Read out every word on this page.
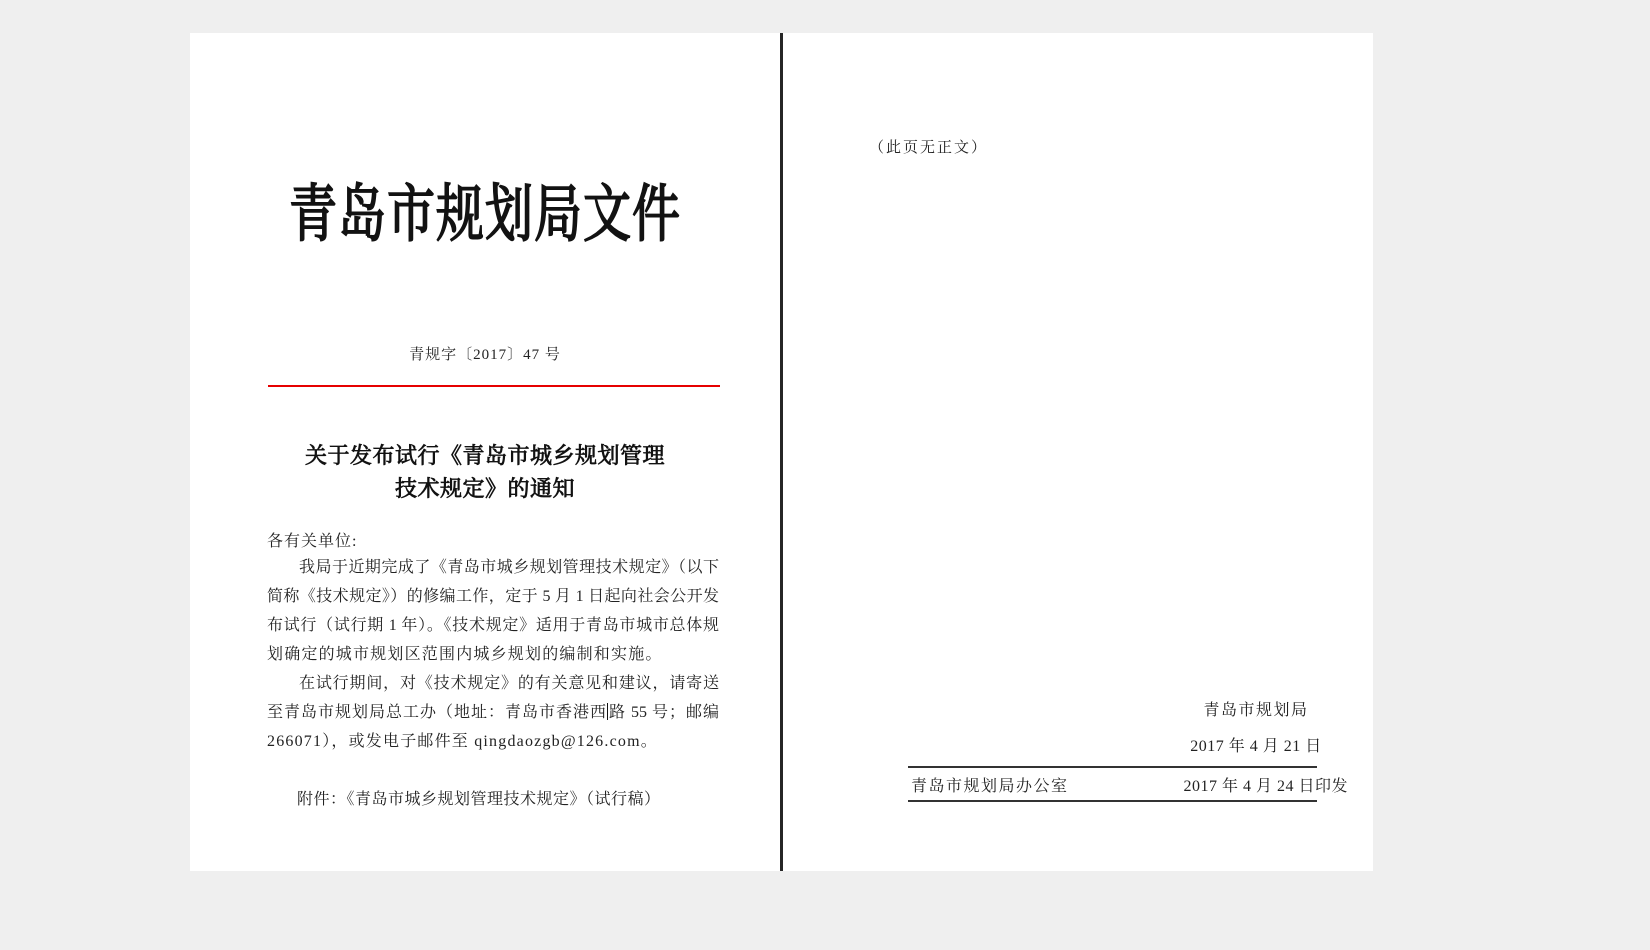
青岛市规划局文件
青规字〔2017〕47 号
关于发布试行《青岛市城乡规划管理
技术规定》的通知
各有关单位:
我局于近期完成了《青岛市城乡规划管理技术规定》（以下
简称《技术规定》）的修编工作，定于 5 月 1 日起向社会公开发
布试行（试行期 1 年）。《技术规定》适用于青岛市城市总体规
划确定的城市规划区范围内城乡规划的编制和实施。
在试行期间，对《技术规定》的有关意见和建议，请寄送
至青岛市规划局总工办（地址：青岛市香港西路 55 号；邮编
266071），或发电子邮件至 qingdaozgb@126.com。
附件：《青岛市城乡规划管理技术规定》（试行稿）
（此页无正文）
青岛市规划局
2017 年 4 月 21 日
青岛市规划局办公室	2017 年 4 月 24 日印发
